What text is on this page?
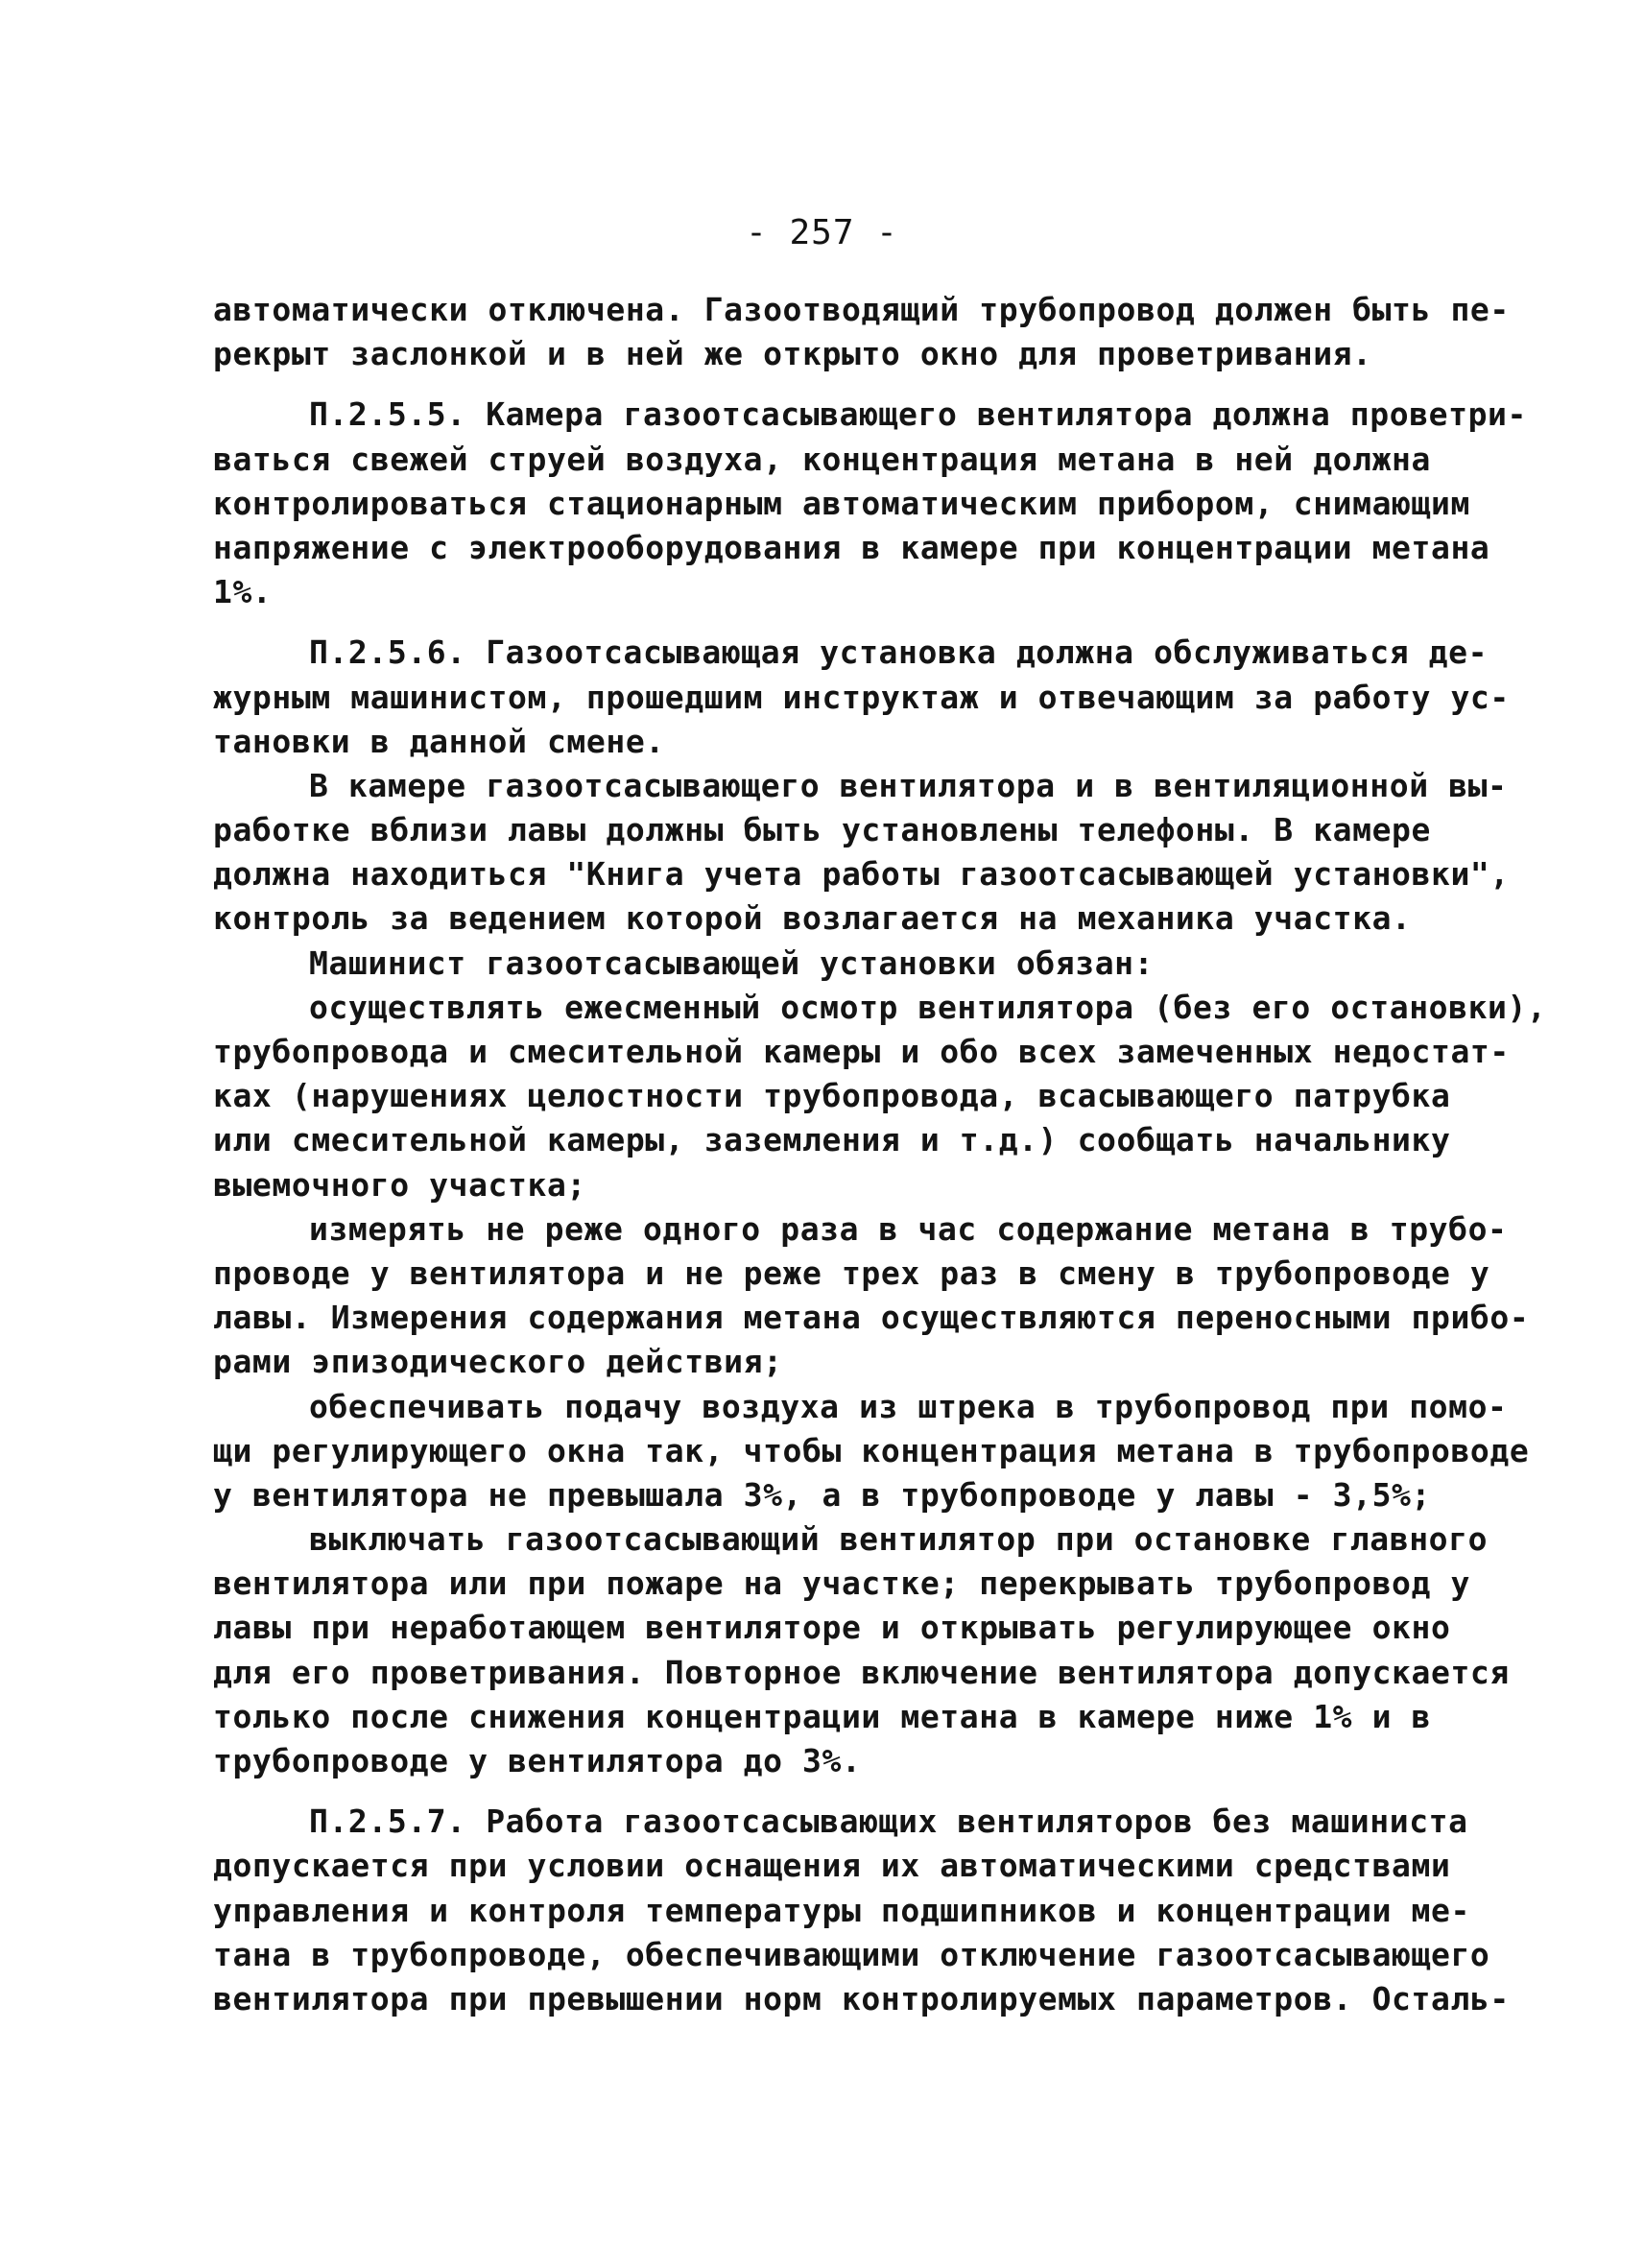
- 257 -
автоматически отключена. Газоотводящий трубопровод должен быть пе-
рекрыт заслонкой и в ней же открыто окно для проветривания.
П.2.5.5. Камера газоотсасывающего вентилятора должна проветри-
ваться свежей струей воздуха, концентрация метана в ней должна
контролироваться стационарным автоматическим прибором, снимающим
напряжение с электрооборудования в камере при концентрации метана
1%.
П.2.5.6. Газоотсасывающая установка должна обслуживаться де-
журным машинистом, прошедшим инструктаж и отвечающим за работу ус-
тановки в данной смене.
В камере газоотсасывающего вентилятора и в вентиляционной вы-
работке вблизи лавы должны быть установлены телефоны. В камере
должна находиться "Книга учета работы газоотсасывающей установки",
контроль за ведением которой возлагается на механика участка.
Машинист газоотсасывающей установки обязан:
осуществлять ежесменный осмотр вентилятора (без его остановки),
трубопровода и смесительной камеры и обо всех замеченных недостат-
ках (нарушениях целостности трубопровода, всасывающего патрубка
или смесительной камеры, заземления и т.д.) сообщать начальнику
выемочного участка;
измерять не реже одного раза в час содержание метана в трубо-
проводе у вентилятора и не реже трех раз в смену в трубопроводе у
лавы. Измерения содержания метана осуществляются переносными прибо-
рами эпизодического действия;
обеспечивать подачу воздуха из штрека в трубопровод при помо-
щи регулирующего окна так, чтобы концентрация метана в трубопроводе
у вентилятора не превышала 3%, а в трубопроводе у лавы - 3,5%;
выключать газоотсасывающий вентилятор при остановке главного
вентилятора или при пожаре на участке; перекрывать трубопровод у
лавы при неработающем вентиляторе и открывать регулирующее окно
для его проветривания. Повторное включение вентилятора допускается
только после снижения концентрации метана в камере ниже 1% и в
трубопроводе у вентилятора до 3%.
П.2.5.7. Работа газоотсасывающих вентиляторов без машиниста
допускается при условии оснащения их автоматическими средствами
управления и контроля температуры подшипников и концентрации ме-
тана в трубопроводе, обеспечивающими отключение газоотсасывающего
вентилятора при превышении норм контролируемых параметров. Осталь-
